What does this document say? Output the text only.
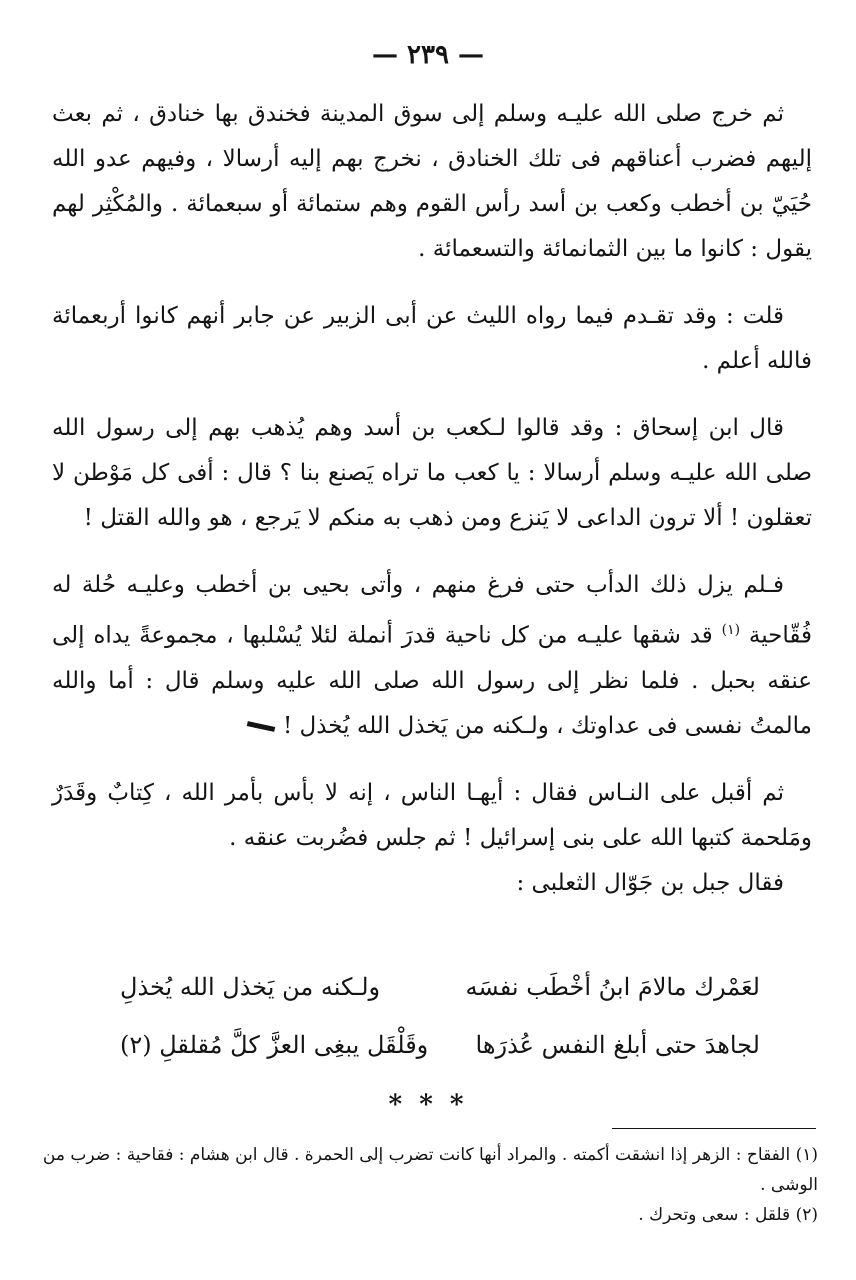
— ٢٣٩ —

ثم خرج صلى الله عليـه وسلم إلى سوق المدينة فخندق بها خنادق ، ثم بعث إليهم فضرب أعناقهم فى تلك الخنادق ، نخرج بهم إليه أرسالا ، وفيهم عدو الله حُيَيّ بن أخطب وكعب بن أسد رأس القوم وهم ستمائة أو سبعمائة . والمُكْثِر لهم يقول : كانوا ما بين الثمانمائة والتسعمائة .

قلت : وقد تقـدم فيما رواه الليث عن أبى الزبير عن جابر أنهم كانوا أربعمائة فالله أعلم .

قال ابن إسحاق : وقد قالوا لـكعب بن أسد وهم يُذهب بهم إلى رسول الله صلى الله عليـه وسلم أرسالا : يا كعب ما تراه يَصنع بنا ؟ قال : أفى كل مَوْطن لا تعقلون ! ألا ترون الداعى لا يَنزع ومن ذهب به منكم لا يَرجع ، هو والله القتل !

فـلم يزل ذلك الدأب حتى فرغ منهم ، وأتى بحيى بن أخطب وعليـه حُلة له فُقّاحية $^{(١)}$ قد شقها عليـه من كل ناحية قدرَ أنملة لئلا يُسْلبها ، مجموعةً يداه إلى عنقه بحبل . فلما نظر إلى رسول الله صلى الله عليه وسلم قال : أما والله مالمتُ نفسى فى عداوتك ، ولـكنه من يَخذل الله يُخذل !

ثم أقبل على النـاس فقال : أيهـا الناس ، إنه لا بأس بأمر الله ، كِتابٌ وقَدَرٌ ومَلحمة كتبها الله على بنى إسرائيل ! ثم جلس فضُربت عنقه .

فقال جبل بن جَوّال الثعلبى :

لعَمْرك مالامَ ابنُ أخْطَب نفسَه
ولـكنه من يَخذل الله يُخذلِ
لجاهدَ حتى أبلغ النفس عُذرَها
وقَلْقَل يبغِى العزَّ كلَّ مُقلقلِ (٢)
* * *

(١) الفقاح : الزهر إذا انشقت أكمته . والمراد أنها كانت تضرب إلى الحمرة . قال ابن هشام : فقاحية : ضرب من الوشى .

(٢) قلقل : سعى وتحرك .
